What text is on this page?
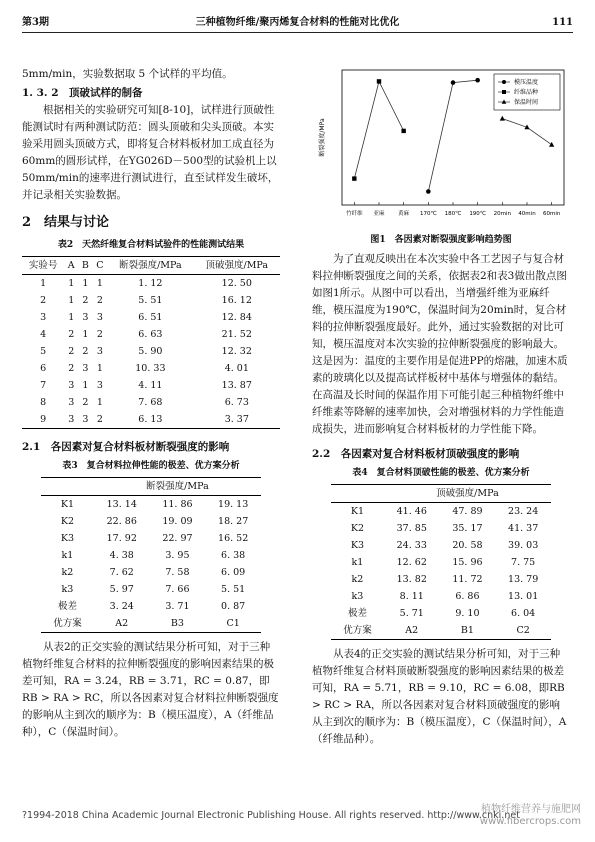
第3期	三种植物纤维/聚丙烯复合材料的性能对比优化	111

5mm/min，实验数据取 5 个试样的平均值。

1. 3. 2　顶破试样的制备

根据相关的实验研究可知[8-10]，试样进行顶破性能测试时有两种测试防范：圆头顶破和尖头顶破。本实验采用圆头顶破方式，即将复合材料板材加工成直径为60mm的圆形试样，在YG026D－500型的试验机上以50mm/min的速率进行测试进行，直至试样发生破坏，并记录相关实验数据。

2　结果与讨论

表2　天然纤维复合材料试验件的性能测试结果

实验号	A	B	C	断裂强度/MPa	顶破强度/MPa
1	1	1	1	1. 12	12. 50
2	1	2	2	5. 51	16. 12
3	1	3	3	6. 51	12. 84
4	2	1	2	6. 63	21. 52
5	2	2	3	5. 90	12. 32
6	2	3	1	10. 33	4. 01
7	3	1	3	4. 11	13. 87
8	3	2	1	7. 68	6. 73
9	3	3	2	6. 13	3. 37

2.1　各因素对复合材料板材断裂强度的影响

表3　复合材料拉伸性能的极差、优方案分析

	断裂强度/MPa		
K1	13. 14	11. 86	19. 13
K2	22. 86	19. 09	18. 27
K3	17. 92	22. 97	16. 52
k1	4. 38	3. 95	6. 38
k2	7. 62	7. 58	6. 09
k3	5. 97	7. 66	5. 51
极差	3. 24	3. 71	0. 87
优方案	A2	B3	C1

从表2的正交实验的测试结果分析可知，对于三种植物纤维复合材料的拉伸断裂强度的影响因素结果的极差可知，RA = 3.24，RB = 3.71，RC = 0.87，即RB > RA > RC，所以各因素对复合材料拉伸断裂强度的影响从主到次的顺序为：B（模压温度），A（纤维品种），C（保温时间）。

竹纤维 亚麻 黄麻 170℃ 180℃ 190℃ 20min 40min 60min
断裂强度/MPa
模压温度
纤维品种
保温时间

图1　各因素对断裂强度影响趋势图

为了直观反映出在本次实验中各工艺因子与复合材料拉伸断裂强度之间的关系，依据表2和表3做出散点图如图1所示。从图中可以看出，当增强纤维为亚麻纤维，模压温度为190℃，保温时间为20min时，复合材料的拉伸断裂强度最好。此外，通过实验数据的对比可知，模压温度对本次实验的拉伸断裂强度的影响最大。这是因为：温度的主要作用是促进PP的熔融，加速木质素的玻璃化以及提高试样板材中基体与增强体的黏结。在高温及长时间的保温作用下可能引起三种植物纤维中纤维素等降解的速率加快，会对增强材料的力学性能造成损失，进而影响复合材料板材的力学性能下降。

2.2　各因素对复合材料板材顶破强度的影响

表4　复合材料顶破性能的极差、优方案分析

	顶破强度/MPa		
K1	41. 46	47. 89	23. 24
K2	37. 85	35. 17	41. 37
K3	24. 33	20. 58	39. 03
k1	12. 62	15. 96	7. 75
k2	13. 82	11. 72	13. 79
k3	8. 11	6. 86	13. 01
极差	5. 71	9. 10	6. 04
优方案	A2	B1	C2

从表4的正交实验的测试结果分析可知，对于三种植物纤维复合材料顶破断裂强度的影响因素结果的极差可知，RA = 5.71，RB = 9.10，RC = 6.08，即RB > RC > RA，所以各因素对复合材料顶破强度的影响从主到次的顺序为：B（模压温度），C（保温时间），A（纤维品种）。

?1994-2018 China Academic Journal Electronic Publishing House. All rights reserved. http://www.cnki.net
植物纤维营养与施肥网
www.fibercrops.com
